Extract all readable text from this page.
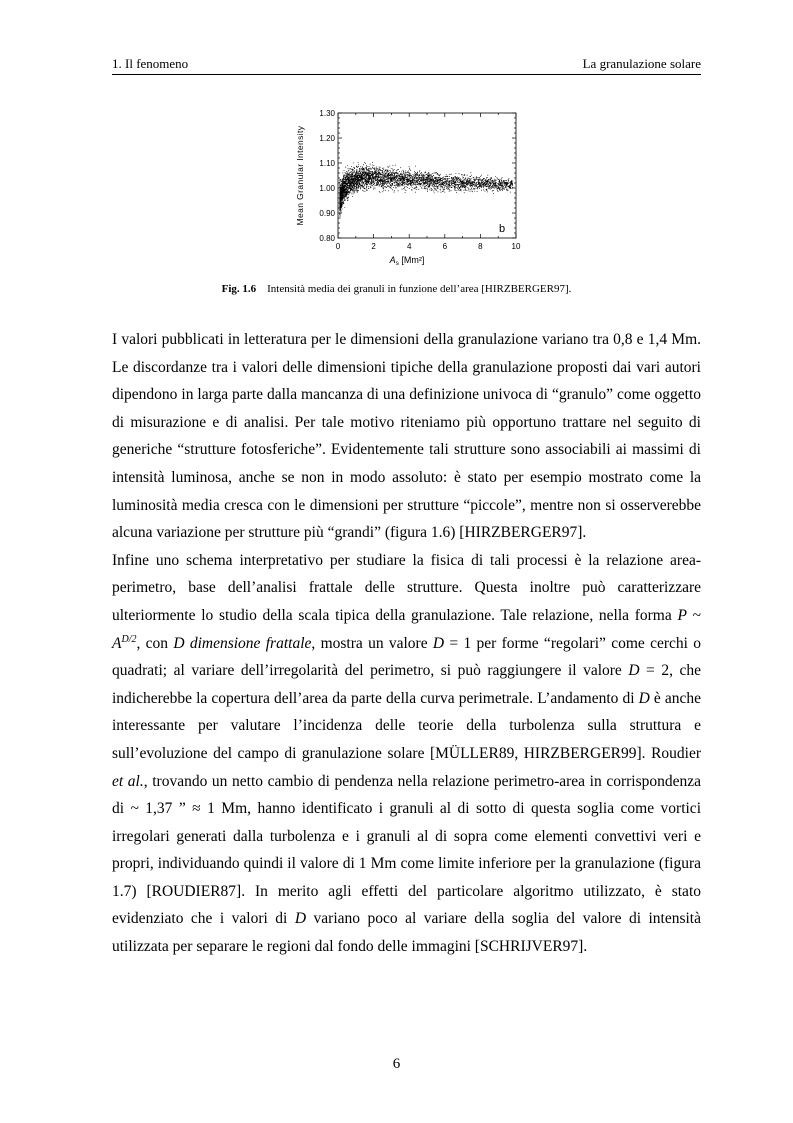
1. Il fenomeno	La granulazione solare
0	2	4	6	8	10
0.80
0.90
1.00
1.10
1.20
1.30
Mean Granular Intensity
$A_s$ [Mm²]
b
Fig. 1.6 Intensità media dei granuli in funzione dell’area [HIRZBERGER97].

I valori pubblicati in letteratura per le dimensioni della granulazione variano tra 0,8 e 1,4 Mm. Le discordanze tra i valori delle dimensioni tipiche della granulazione proposti dai vari autori dipendono in larga parte dalla mancanza di una definizione univoca di “granulo” come oggetto di misurazione e di analisi. Per tale motivo riteniamo più opportuno trattare nel seguito di generiche “strutture fotosferiche”. Evidentemente tali strutture sono associabili ai massimi di intensità luminosa, anche se non in modo assoluto: è stato per esempio mostrato come la luminosità media cresca con le dimensioni per strutture “piccole”, mentre non si osserverebbe alcuna variazione per strutture più “grandi” (figura 1.6) [HIRZBERGER97].

Infine uno schema interpretativo per studiare la fisica di tali processi è la relazione area-perimetro, base dell’analisi frattale delle strutture. Questa inoltre può caratterizzare ulteriormente lo studio della scala tipica della granulazione. Tale relazione, nella forma P ~ $A^{D/2}$, con D dimensione frattale, mostra un valore D = 1 per forme “regolari” come cerchi o quadrati; al variare dell’irregolarità del perimetro, si può raggiungere il valore D = 2, che indicherebbe la copertura dell’area da parte della curva perimetrale. L’andamento di D è anche interessante per valutare l’incidenza delle teorie della turbolenza sulla struttura e sull’evoluzione del campo di granulazione solare [MÜLLER89, HIRZBERGER99]. Roudier et al., trovando un netto cambio di pendenza nella relazione perimetro-area in corrispondenza di ~ 1,37 ” ≈ 1 Mm, hanno identificato i granuli al di sotto di questa soglia come vortici irregolari generati dalla turbolenza e i granuli al di sopra come elementi convettivi veri e propri, individuando quindi il valore di 1 Mm come limite inferiore per la granulazione (figura 1.7) [ROUDIER87]. In merito agli effetti del particolare algoritmo utilizzato, è stato evidenziato che i valori di D variano poco al variare della soglia del valore di intensità utilizzata per separare le regioni dal fondo delle immagini [SCHRIJVER97].

6
